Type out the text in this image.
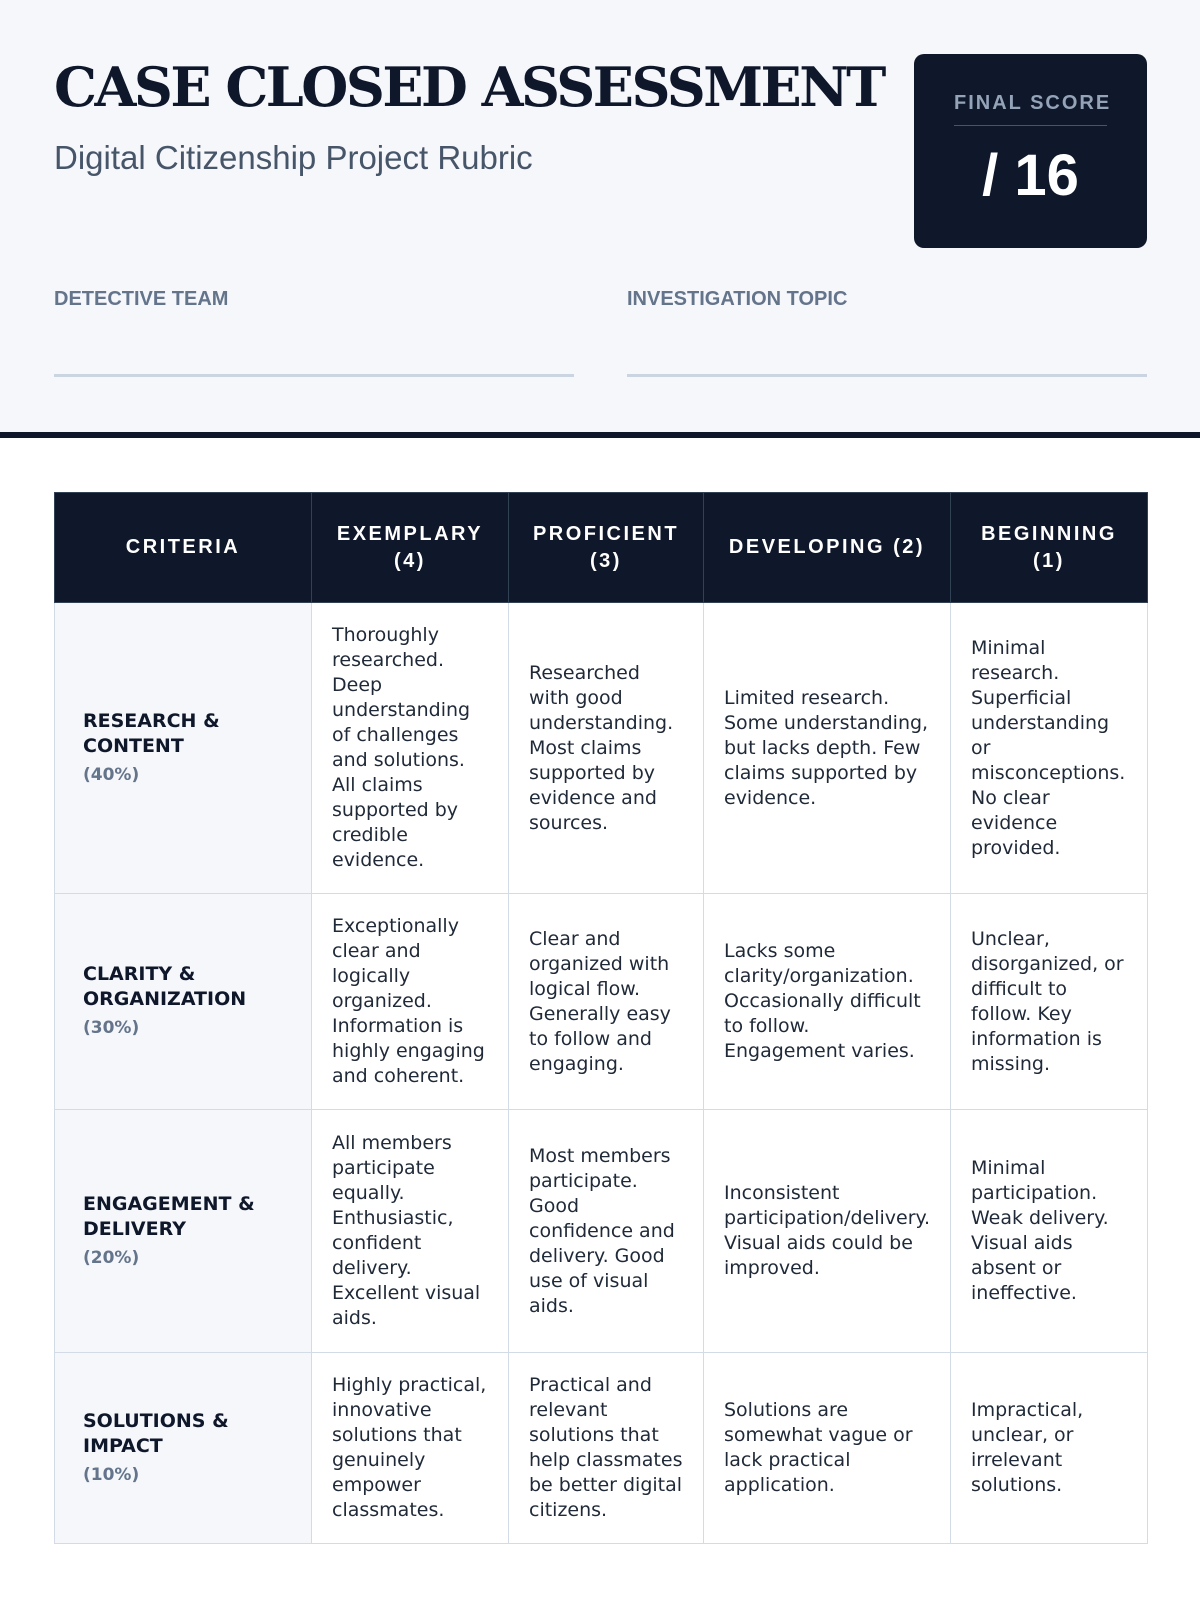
CASE CLOSED ASSESSMENT
Digital Citizenship Project Rubric
FINAL SCORE
/ 16
DETECTIVE TEAM	INVESTIGATION TOPIC
CRITERIA	EXEMPLARY (4)	PROFICIENT (3)	DEVELOPING (2)	BEGINNING (1)

RESEARCH & CONTENT
(40%)	Thoroughly researched. Deep understanding of challenges and solutions. All claims supported by credible evidence.	Researched with good understanding. Most claims supported by evidence and sources.	Limited research. Some understanding, but lacks depth. Few claims supported by evidence.	Minimal research. Superficial understanding or misconceptions. No clear evidence provided.

CLARITY & ORGANIZATION
(30%)	Exceptionally clear and logically organized. Information is highly engaging and coherent.	Clear and organized with logical flow. Generally easy to follow and engaging.	Lacks some clarity/organization. Occasionally difficult to follow. Engagement varies.	Unclear, disorganized, or difficult to follow. Key information is missing.

ENGAGEMENT & DELIVERY
(20%)	All members participate equally. Enthusiastic, confident delivery. Excellent visual aids.	Most members participate. Good confidence and delivery. Good use of visual aids.	Inconsistent participation/delivery. Visual aids could be improved.	Minimal participation. Weak delivery. Visual aids absent or ineffective.

SOLUTIONS & IMPACT
(10%)	Highly practical, innovative solutions that genuinely empower classmates.	Practical and relevant solutions that help classmates be better digital citizens.	Solutions are somewhat vague or lack practical application.	Impractical, unclear, or irrelevant solutions.
